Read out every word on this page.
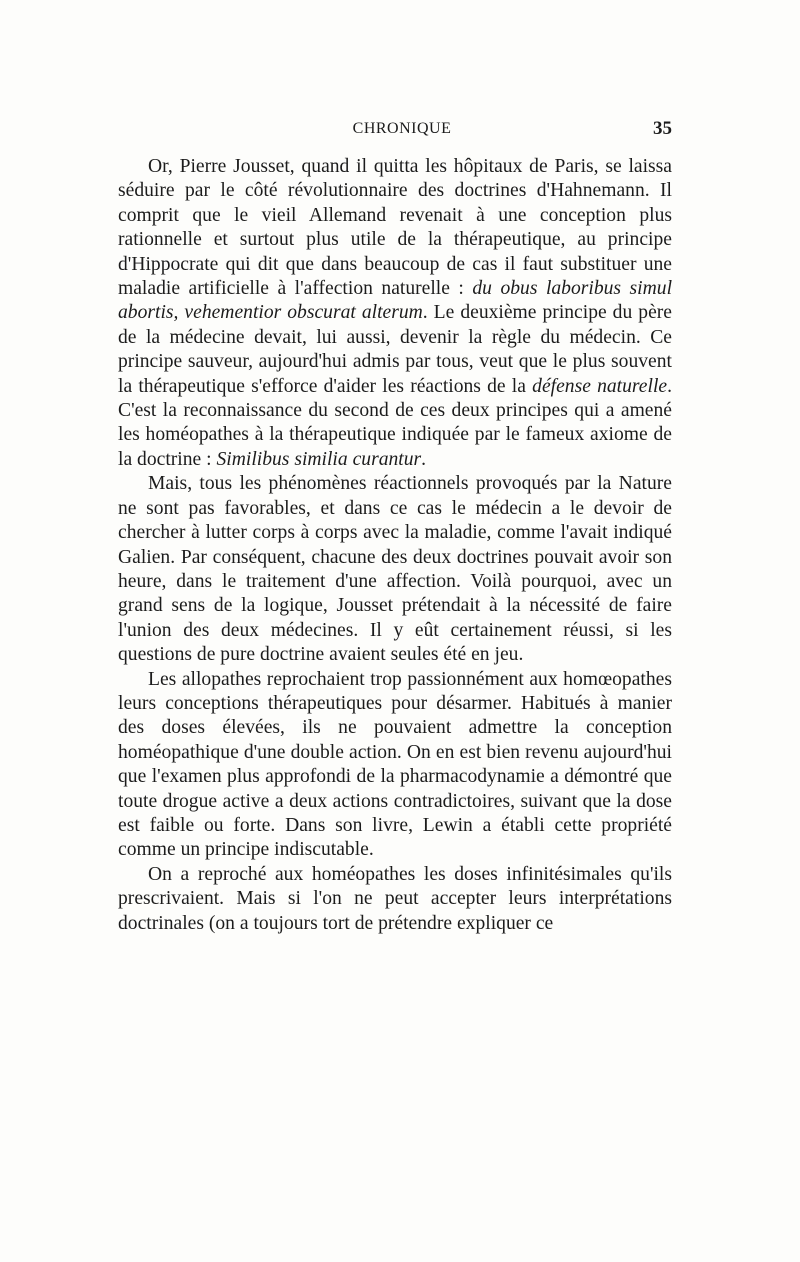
CHRONIQUE	35

Or, Pierre Jousset, quand il quitta les hôpitaux de Paris, se laissa séduire par le côté révolutionnaire des doctrines d'Hahnemann. Il comprit que le vieil Allemand revenait à une conception plus rationnelle et surtout plus utile de la thérapeutique, au principe d'Hippocrate qui dit que dans beaucoup de cas il faut substituer une maladie artificielle à l'affection naturelle : du obus laboribus simul abortis, vehementior obscurat alterum. Le deuxième principe du père de la médecine devait, lui aussi, devenir la règle du médecin. Ce principe sauveur, aujourd'hui admis par tous, veut que le plus souvent la thérapeutique s'efforce d'aider les réactions de la défense naturelle. C'est la reconnaissance du second de ces deux principes qui a amené les homéopathes à la thérapeutique indiquée par le fameux axiome de la doctrine : Similibus similia curantur.

Mais, tous les phénomènes réactionnels provoqués par la Nature ne sont pas favorables, et dans ce cas le médecin a le devoir de chercher à lutter corps à corps avec la maladie, comme l'avait indiqué Galien. Par conséquent, chacune des deux doctrines pouvait avoir son heure, dans le traitement d'une affection. Voilà pourquoi, avec un grand sens de la logique, Jousset prétendait à la nécessité de faire l'union des deux médecines. Il y eût certainement réussi, si les questions de pure doctrine avaient seules été en jeu.

Les allopathes reprochaient trop passionnément aux homœopathes leurs conceptions thérapeutiques pour désarmer. Habitués à manier des doses élevées, ils ne pouvaient admettre la conception homéopathique d'une double action. On en est bien revenu aujourd'hui que l'examen plus approfondi de la pharmacodynamie a démontré que toute drogue active a deux actions contradictoires, suivant que la dose est faible ou forte. Dans son livre, Lewin a établi cette propriété comme un principe indiscutable.

On a reproché aux homéopathes les doses infinitésimales qu'ils prescrivaient. Mais si l'on ne peut accepter leurs interprétations doctrinales (on a toujours tort de prétendre expliquer ce
